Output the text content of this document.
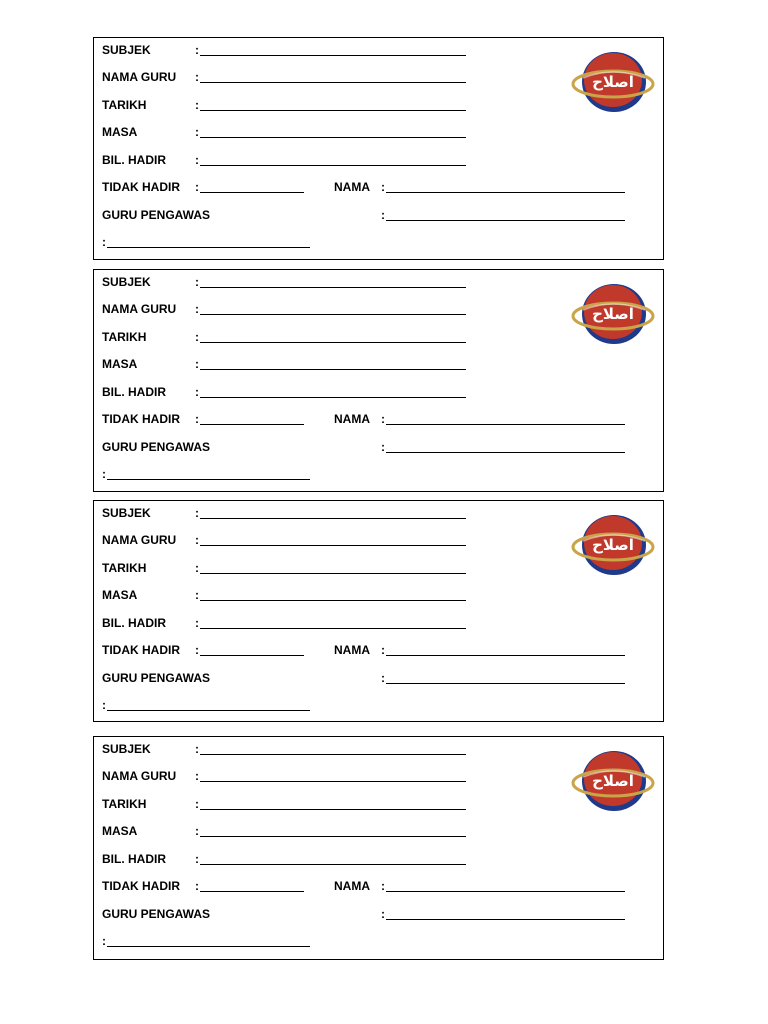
SUBJEK	:
NAMA GURU :
TARIKH	:
MASA	:
BIL. HADIR :
TIDAK HADIR :	NAMA :
GURU PENGAWAS	:
:
اصلاح
SUBJEK	:
NAMA GURU :
TARIKH	:
MASA	:
BIL. HADIR :
TIDAK HADIR :	NAMA :
GURU PENGAWAS	:
:
اصلاح
SUBJEK	:
NAMA GURU :
TARIKH	:
MASA	:
BIL. HADIR :
TIDAK HADIR :	NAMA :
GURU PENGAWAS	:
:
اصلاح
SUBJEK	:
NAMA GURU :
TARIKH	:
MASA	:
BIL. HADIR :
TIDAK HADIR :	NAMA :
GURU PENGAWAS	:
:
اصلاح
